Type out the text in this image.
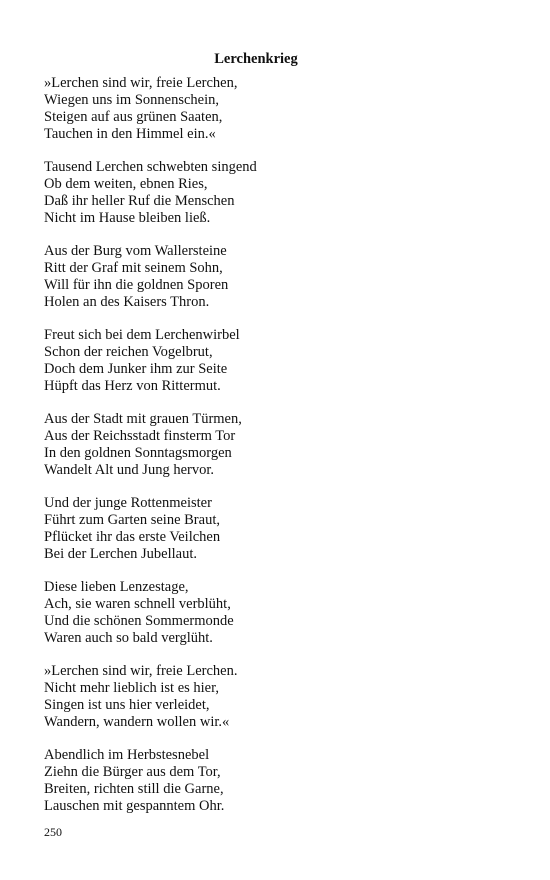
Lerchenkrieg
»Lerchen sind wir, freie Lerchen,
Wiegen uns im Sonnenschein,
Steigen auf aus grünen Saaten,
Tauchen in den Himmel ein.«
Tausend Lerchen schwebten singend
Ob dem weiten, ebnen Ries,
Daß ihr heller Ruf die Menschen
Nicht im Hause bleiben ließ.
Aus der Burg vom Wallersteine
Ritt der Graf mit seinem Sohn,
Will für ihn die goldnen Sporen
Holen an des Kaisers Thron.
Freut sich bei dem Lerchenwirbel
Schon der reichen Vogelbrut,
Doch dem Junker ihm zur Seite
Hüpft das Herz von Rittermut.
Aus der Stadt mit grauen Türmen,
Aus der Reichsstadt finsterm Tor
In den goldnen Sonntagsmorgen
Wandelt Alt und Jung hervor.
Und der junge Rottenmeister
Führt zum Garten seine Braut,
Pflücket ihr das erste Veilchen
Bei der Lerchen Jubellaut.
Diese lieben Lenzestage,
Ach, sie waren schnell verblüht,
Und die schönen Sommermonde
Waren auch so bald verglüht.
»Lerchen sind wir, freie Lerchen.
Nicht mehr lieblich ist es hier,
Singen ist uns hier verleidet,
Wandern, wandern wollen wir.«
Abendlich im Herbstesnebel
Ziehn die Bürger aus dem Tor,
Breiten, richten still die Garne,
Lauschen mit gespanntem Ohr.
250
